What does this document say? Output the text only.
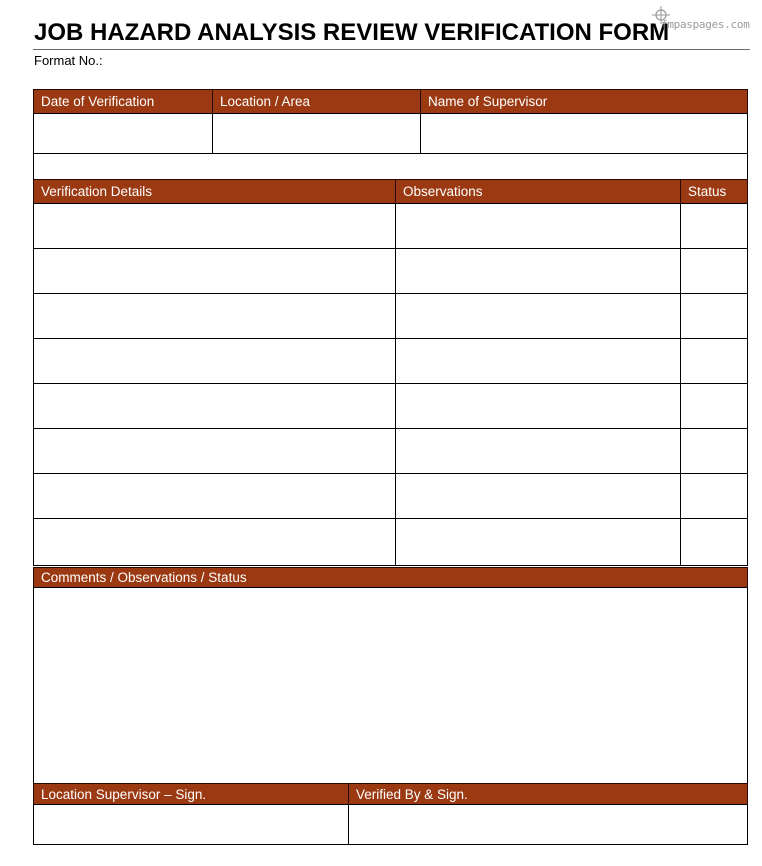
JOB HAZARD ANALYSIS REVIEW VERIFICATION FORM
fmpaspages.com
Format No.:
Date of Verification	Location / Area	Name of Supervisor
Verification Details	Observations	Status
Comments / Observations / Status
Location Supervisor – Sign.	Verified By & Sign.
